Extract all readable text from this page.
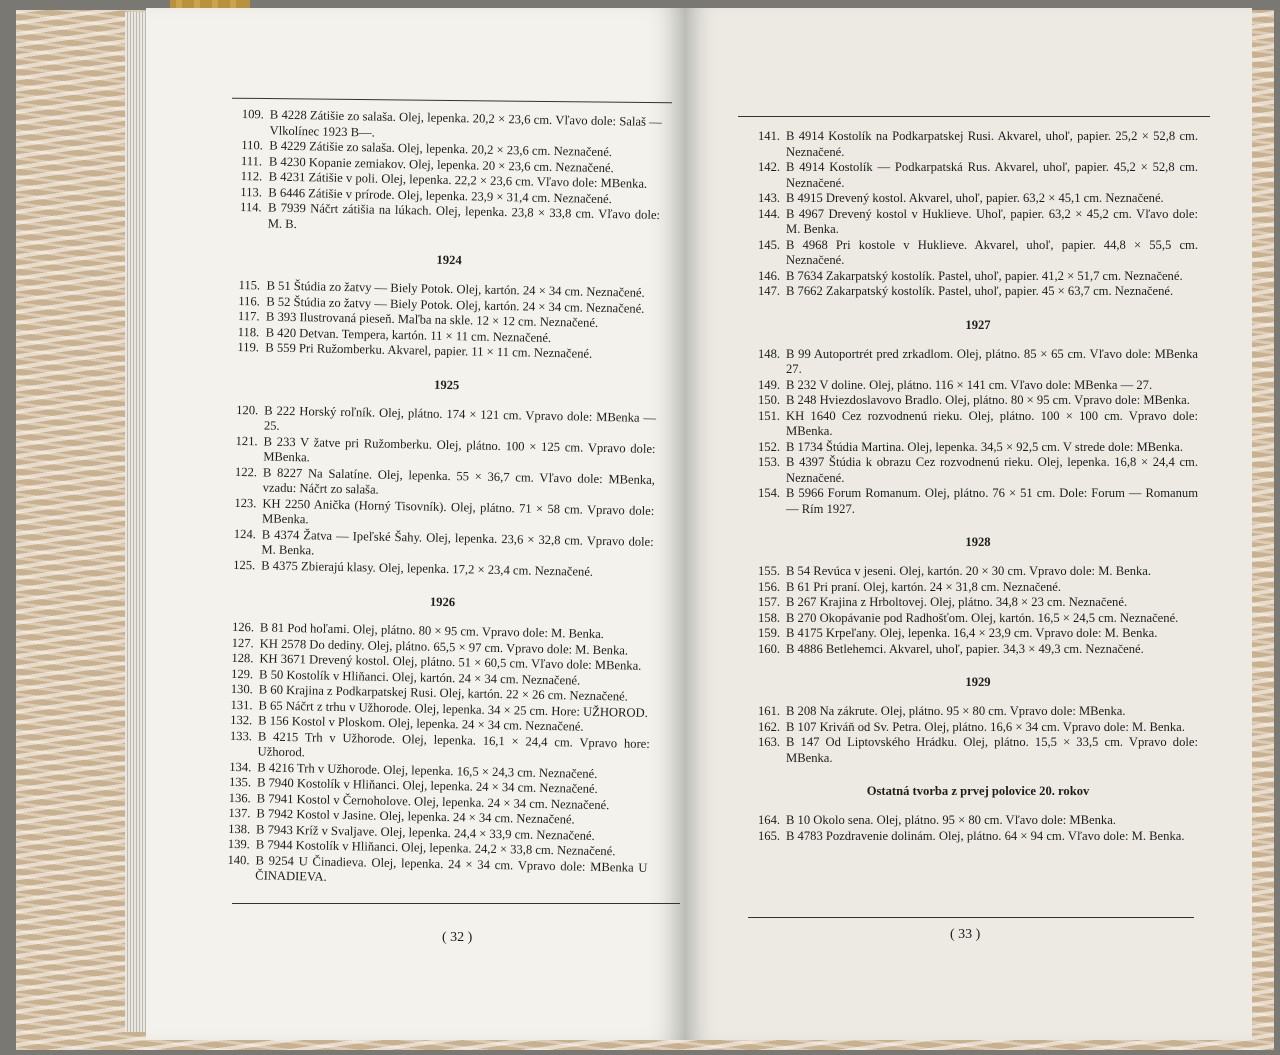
109. B 4228 Zátišie zo salaša. Olej, lepenka. 20,2 × 23,6 cm. Vľavo dole: Salaš — Vlkolínec 1923 B—.
110. B 4229 Zátišie zo salaša. Olej, lepenka. 20,2 × 23,6 cm. Neznačené.
111. B 4230 Kopanie zemiakov. Olej, lepenka. 20 × 23,6 cm. Neznačené.
112. B 4231 Zátišie v poli. Olej, lepenka. 22,2 × 23,6 cm. Vľavo dole: MBenka.
113. B 6446 Zátišie v prírode. Olej, lepenka. 23,9 × 31,4 cm. Neznačené.
114. B 7939 Náčrt zátišia na lúkach. Olej, lepenka. 23,8 × 33,8 cm. Vľavo dole: M. B.
1924
115. B 51 Štúdia zo žatvy — Biely Potok. Olej, kartón. 24 × 34 cm. Neznačené.
116. B 52 Štúdia zo žatvy — Biely Potok. Olej, kartón. 24 × 34 cm. Neznačené.
117. B 393 Ilustrovaná pieseň. Maľba na skle. 12 × 12 cm. Neznačené.
118. B 420 Detvan. Tempera, kartón. 11 × 11 cm. Neznačené.
119. B 559 Pri Ružomberku. Akvarel, papier. 11 × 11 cm. Neznačené.
1925
120. B 222 Horský roľník. Olej, plátno. 174 × 121 cm. Vpravo dole: MBenka — 25.
121. B 233 V žatve pri Ružomberku. Olej, plátno. 100 × 125 cm. Vpravo dole: MBenka.
122. B 8227 Na Salatíne. Olej, lepenka. 55 × 36,7 cm. Vľavo dole: MBenka, vzadu: Náčrt zo salaša.
123. KH 2250 Anička (Horný Tisovník). Olej, plátno. 71 × 58 cm. Vpravo dole: MBenka.
124. B 4374 Žatva — Ipeľské Šahy. Olej, lepenka. 23,6 × 32,8 cm. Vpravo dole: M. Benka.
125. B 4375 Zbierajú klasy. Olej, lepenka. 17,2 × 23,4 cm. Neznačené.
1926
126. B 81 Pod hoľami. Olej, plátno. 80 × 95 cm. Vpravo dole: M. Benka.
127. KH 2578 Do dediny. Olej, plátno. 65,5 × 97 cm. Vpravo dole: M. Benka.
128. KH 3671 Drevený kostol. Olej, plátno. 51 × 60,5 cm. Vľavo dole: MBenka.
129. B 50 Kostolík v Hliňanci. Olej, kartón. 24 × 34 cm. Neznačené.
130. B 60 Krajina z Podkarpatskej Rusi. Olej, kartón. 22 × 26 cm. Neznačené.
131. B 65 Náčrt z trhu v Užhorode. Olej, lepenka. 34 × 25 cm. Hore: UŽHOROD.
132. B 156 Kostol v Ploskom. Olej, lepenka. 24 × 34 cm. Neznačené.
133. B 4215 Trh v Užhorode. Olej, lepenka. 16,1 × 24,4 cm. Vpravo hore: Užhorod.
134. B 4216 Trh v Užhorode. Olej, lepenka. 16,5 × 24,3 cm. Neznačené.
135. B 7940 Kostolík v Hliňanci. Olej, lepenka. 24 × 34 cm. Neznačené.
136. B 7941 Kostol v Černoholove. Olej, lepenka. 24 × 34 cm. Neznačené.
137. B 7942 Kostol v Jasine. Olej, lepenka. 24 × 34 cm. Neznačené.
138. B 7943 Kríž v Svaljave. Olej, lepenka. 24,4 × 33,9 cm. Neznačené.
139. B 7944 Kostolík v Hliňanci. Olej, lepenka. 24,2 × 33,8 cm. Neznačené.
140. B 9254 U Činadieva. Olej, lepenka. 24 × 34 cm. Vpravo dole: MBenka U ČINADIEVA.
( 32 )
141. B 4914 Kostolík na Podkarpatskej Rusi. Akvarel, uhoľ, papier. 25,2 × 52,8 cm. Neznačené.
142. B 4914 Kostolík — Podkarpatská Rus. Akvarel, uhoľ, papier. 45,2 × 52,8 cm. Neznačené.
143. B 4915 Drevený kostol. Akvarel, uhoľ, papier. 63,2 × 45,1 cm. Neznačené.
144. B 4967 Drevený kostol v Huklieve. Uhoľ, papier. 63,2 × 45,2 cm. Vľavo dole: M. Benka.
145. B 4968 Pri kostole v Huklieve. Akvarel, uhoľ, papier. 44,8 × 55,5 cm. Neznačené.
146. B 7634 Zakarpatský kostolík. Pastel, uhoľ, papier. 41,2 × 51,7 cm. Neznačené.
147. B 7662 Zakarpatský kostolík. Pastel, uhoľ, papier. 45 × 63,7 cm. Neznačené.
1927
148. B 99 Autoportrét pred zrkadlom. Olej, plátno. 85 × 65 cm. Vľavo dole: MBenka 27.
149. B 232 V doline. Olej, plátno. 116 × 141 cm. Vľavo dole: MBenka — 27.
150. B 248 Hviezdoslavovo Bradlo. Olej, plátno. 80 × 95 cm. Vpravo dole: MBenka.
151. KH 1640 Cez rozvodnenú rieku. Olej, plátno. 100 × 100 cm. Vpravo dole: MBenka.
152. B 1734 Štúdia Martina. Olej, lepenka. 34,5 × 92,5 cm. V strede dole: MBenka.
153. B 4397 Štúdia k obrazu Cez rozvodnenú rieku. Olej, lepenka. 16,8 × 24,4 cm. Neznačené.
154. B 5966 Forum Romanum. Olej, plátno. 76 × 51 cm. Dole: Forum — Romanum — Rím 1927.
1928
155. B 54 Revúca v jeseni. Olej, kartón. 20 × 30 cm. Vpravo dole: M. Benka.
156. B 61 Pri praní. Olej, kartón. 24 × 31,8 cm. Neznačené.
157. B 267 Krajina z Hrboltovej. Olej, plátno. 34,8 × 23 cm. Neznačené.
158. B 270 Okopávanie pod Radhošťom. Olej, kartón. 16,5 × 24,5 cm. Neznačené.
159. B 4175 Krpeľany. Olej, lepenka. 16,4 × 23,9 cm. Vpravo dole: M. Benka.
160. B 4886 Betlehemci. Akvarel, uhoľ, papier. 34,3 × 49,3 cm. Neznačené.
1929
161. B 208 Na zákrute. Olej, plátno. 95 × 80 cm. Vpravo dole: MBenka.
162. B 107 Kriváň od Sv. Petra. Olej, plátno. 16,6 × 34 cm. Vpravo dole: M. Benka.
163. B 147 Od Liptovského Hrádku. Olej, plátno. 15,5 × 33,5 cm. Vpravo dole: MBenka.
Ostatná tvorba z prvej polovice 20. rokov
164. B 10 Okolo sena. Olej, plátno. 95 × 80 cm. Vľavo dole: MBenka.
165. B 4783 Pozdravenie dolinám. Olej, plátno. 64 × 94 cm. Vľavo dole: M. Benka.
( 33 )
